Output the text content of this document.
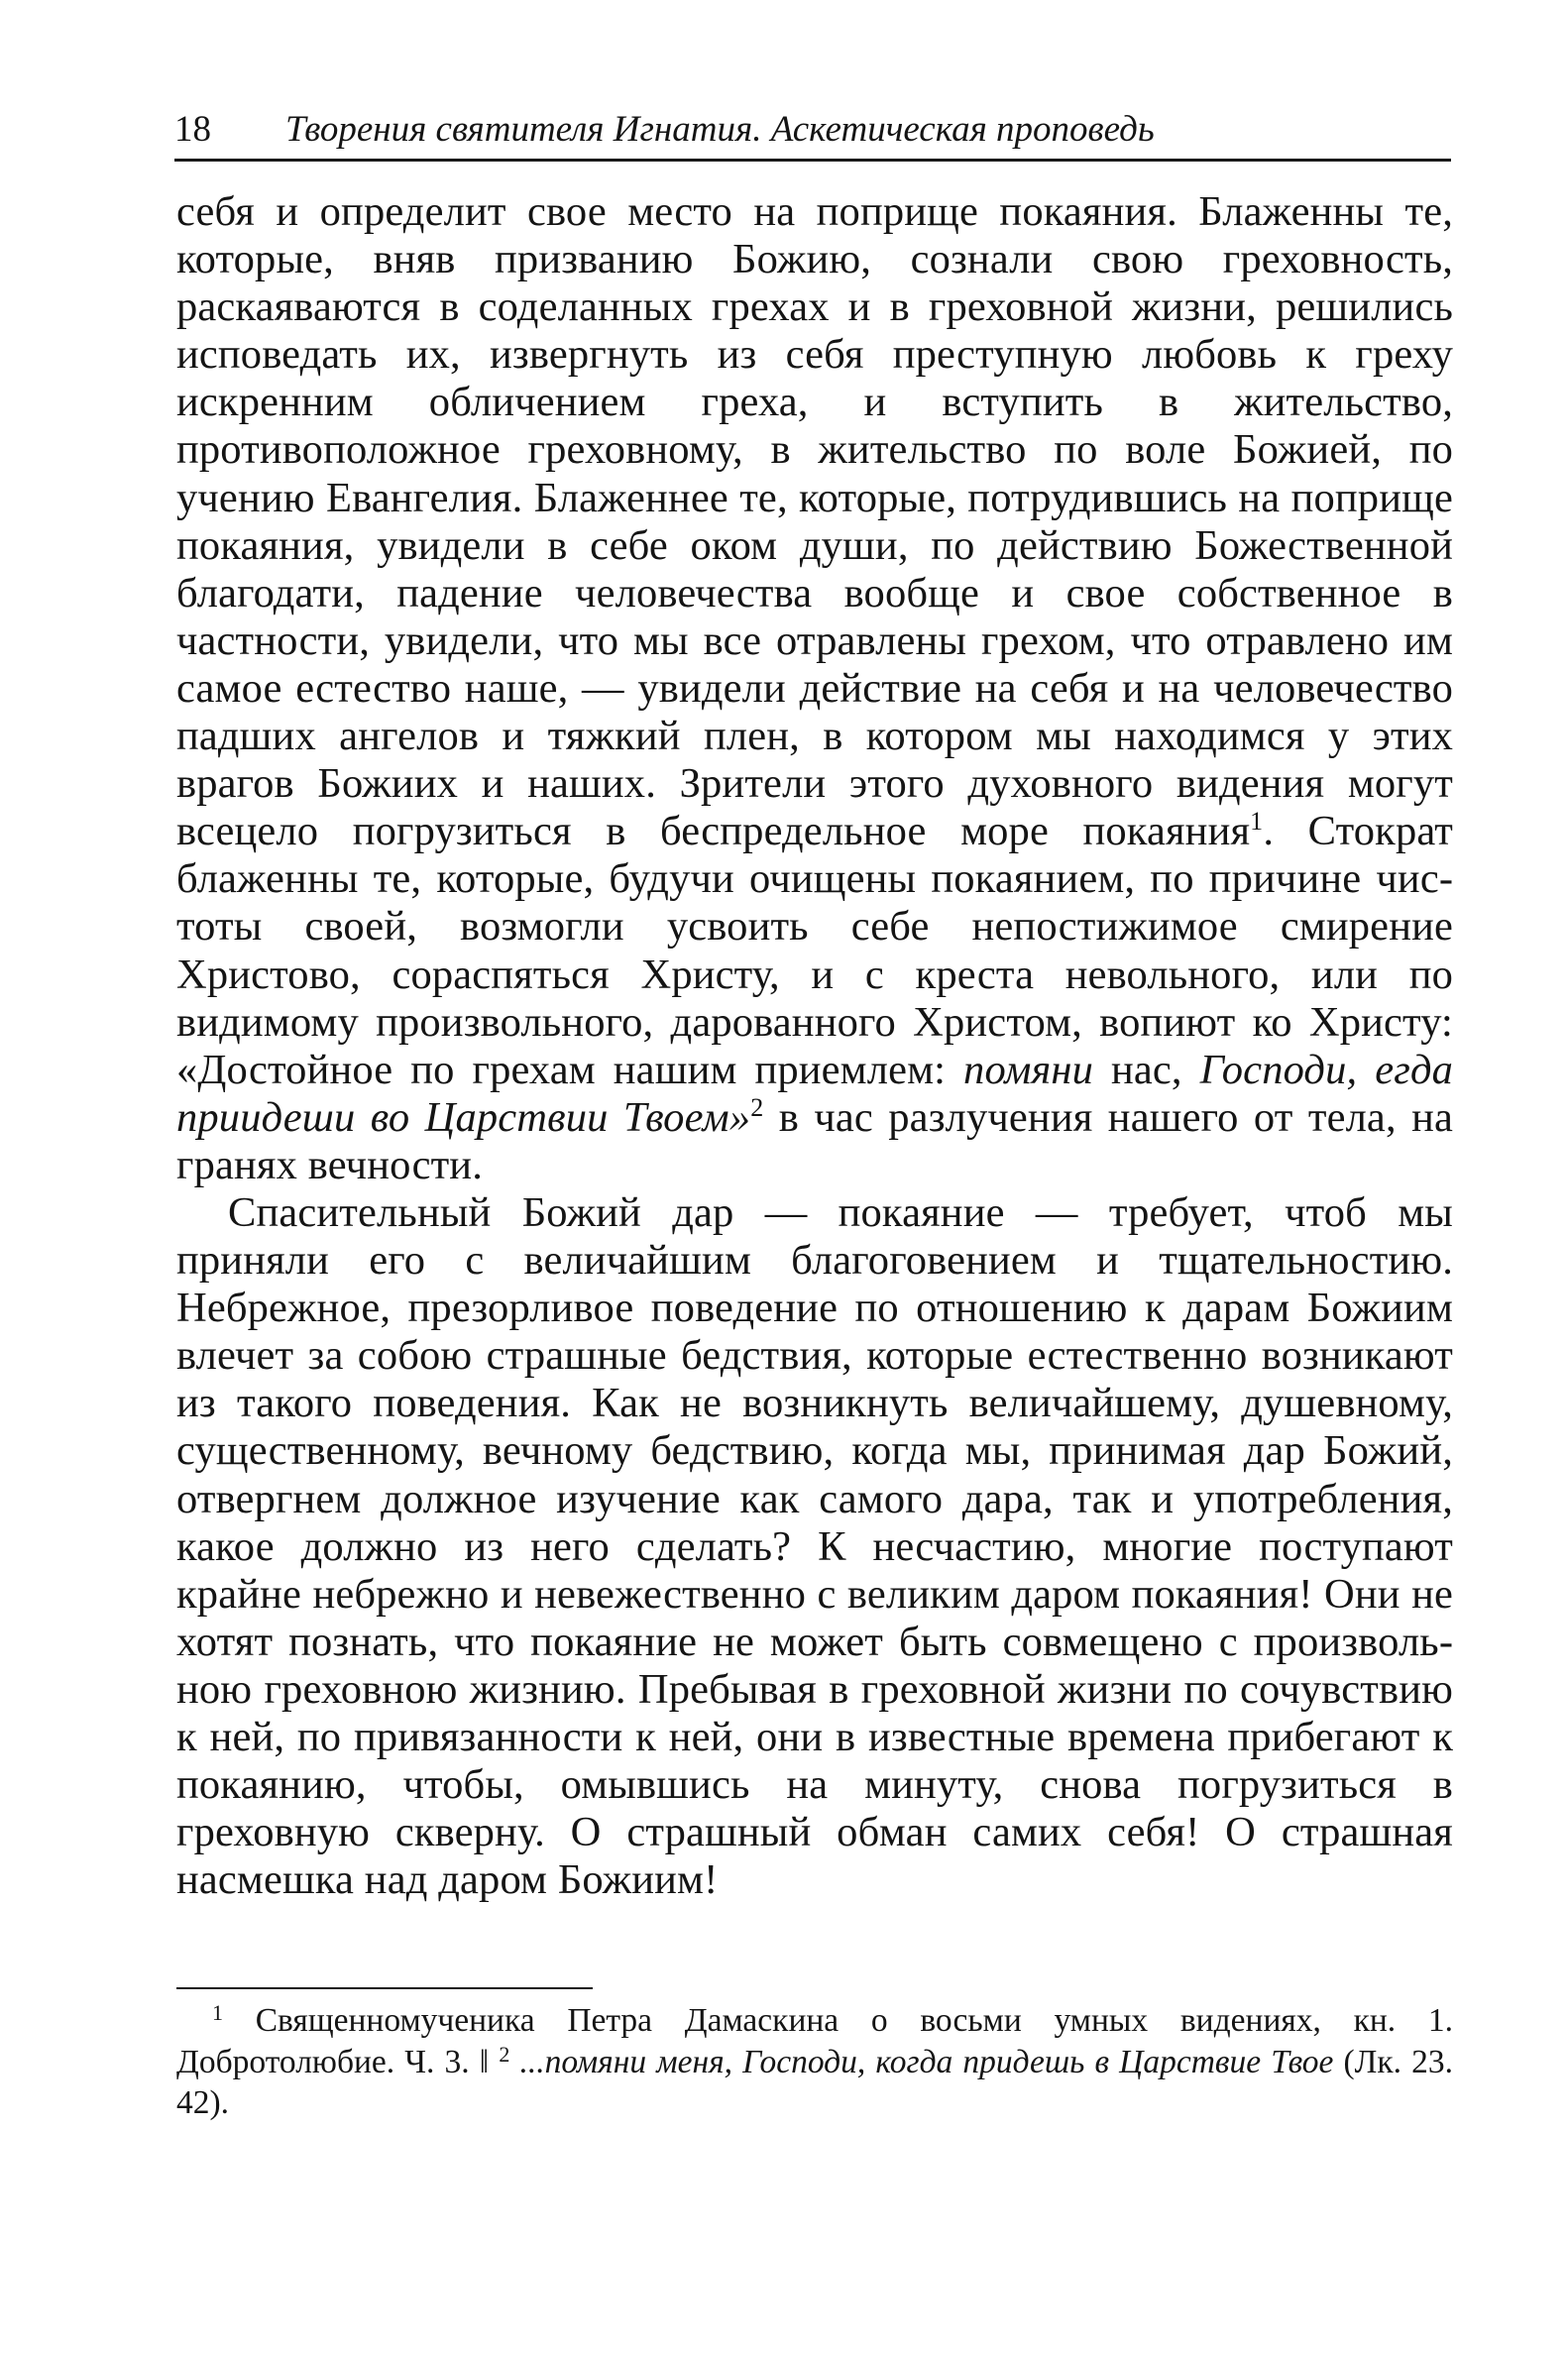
18 Творения святителя Игнатия. Аскетическая проповедь

себя и определит свое место на поприще покаяния. Блаженны те, которые, вняв призванию Божию, сознали свою греховность, раскаяваются в соделанных грехах и в греховной жизни, решились исповедать их, извергнуть из себя преступную любовь к греху искренним обличением греха, и вступить в жительство, противоположное греховному, в жительство по воле Божией, по учению Евангелия. Блаженнее те, которые, потрудившись на поприще покаяния, увидели в себе оком души, по действию Божественной благодати, падение человечества вообще и свое собственное в частности, увидели, что мы все отравлены грехом, что отравлено им самое естество наше, — увидели действие на себя и на человечество падших ангелов и тяжкий плен, в котором мы находимся у этих врагов Божиих и наших. Зрители этого духовного видения могут всецело погрузиться в беспредельное море покаяния$^1$. Стократ блаженны те, которые, будучи очищены покаянием, по причине чистоты своей, возмогли усвоить себе непостижимое смирение Христово, сораспяться Христу, и с креста невольного, или по видимому произвольного, дарованного Христом, вопиют ко Христу: «Достойное по грехам нашим приемлем: помяни нас, Господи, егда приидеши во Царствии Твоем»$^2$ в час разлучения нашего от тела, на гранях вечности.

Спасительный Божий дар — покаяние — требует, чтоб мы приняли его с величайшим благоговением и тщательностию. Небрежное, презорливое поведение по отношению к дарам Божиим влечет за собою страшные бедствия, которые естественно возникают из такого поведения. Как не возникнуть величайшему, душевному, существенному, вечному бедствию, когда мы, принимая дар Божий, отвергнем должное изучение как самого дара, так и употребления, какое должно из него сделать? К несчастию, многие поступают крайне небрежно и невежественно с великим даром покаяния! Они не хотят познать, что покаяние не может быть совмещено с произвольною греховною жизнию. Пребывая в греховной жизни по сочувствию к ней, по привязанности к ней, они в известные времена прибегают к покаянию, чтобы, омывшись на минуту, снова погрузиться в греховную скверну. О страшный обман самих себя! О страшная насмешка над даром Божиим!

$^1$ Священномученика Петра Дамаскина о восьми умных видениях, кн. 1. Добротолюбие. Ч. 3. ‖ $^2$ ...помяни меня, Господи, когда придешь в Царствие Твое (Лк. 23. 42).
